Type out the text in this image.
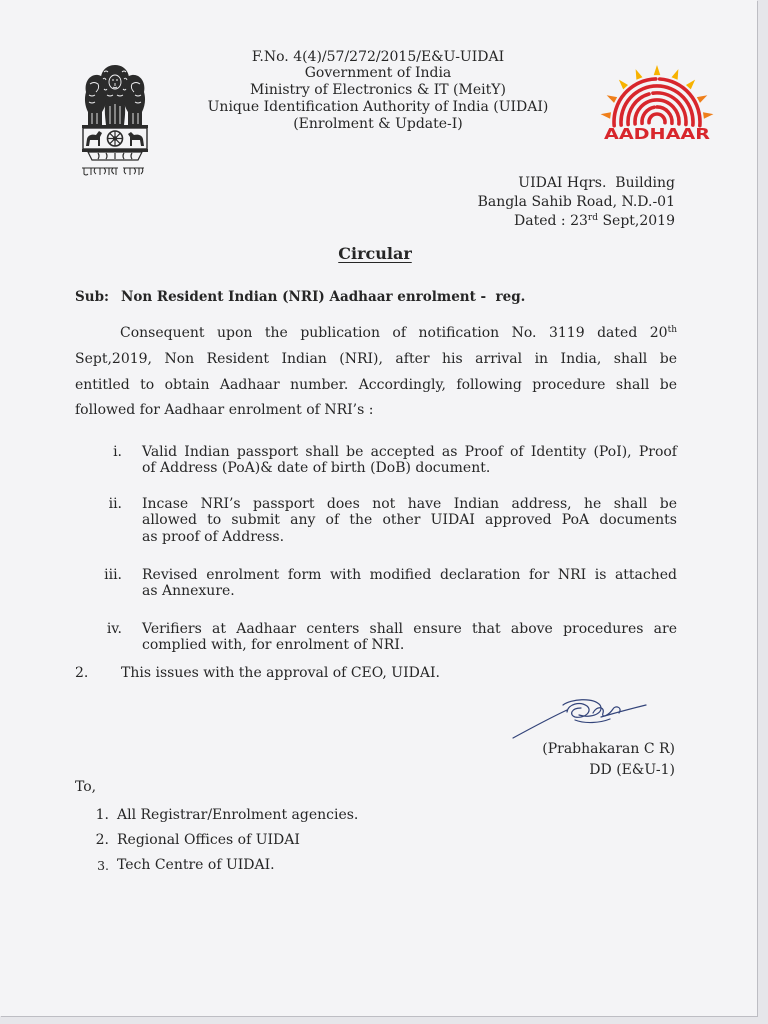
F.No. 4(4)/57/272/2015/E&U-UIDAI
Government of India
Ministry of Electronics & IT (MeitY)
Unique Identification Authority of India (UIDAI)
(Enrolment & Update-I)
AADHAAR
UIDAI Hqrs.  Building
Bangla Sahib Road, N.D.-01
Dated : 23rd Sept,2019
Circular
Sub: Non Resident Indian (NRI) Aadhaar enrolment -  reg.
Consequent upon the publication of notification No. 3119 dated 20th
Sept,2019, Non Resident Indian (NRI), after his arrival in India, shall be
entitled to obtain Aadhaar number. Accordingly, following procedure shall be
followed for Aadhaar enrolment of NRI’s :
i. Valid Indian passport shall be accepted as Proof of Identity (PoI), Proof
of Address (PoA)& date of birth (DoB) document.
ii. Incase NRI’s passport does not have Indian address, he shall be
allowed to submit any of the other UIDAI approved PoA documents
as proof of Address.
iii. Revised enrolment form with modified declaration for NRI is attached
as Annexure.
iv. Verifiers at Aadhaar centers shall ensure that above procedures are
complied with, for enrolment of NRI.
2. This issues with the approval of CEO, UIDAI.
(Prabhakaran C R)
DD (E&U-1)
To,
1. All Registrar/Enrolment agencies.
2. Regional Offices of UIDAI
3. Tech Centre of UIDAI.
